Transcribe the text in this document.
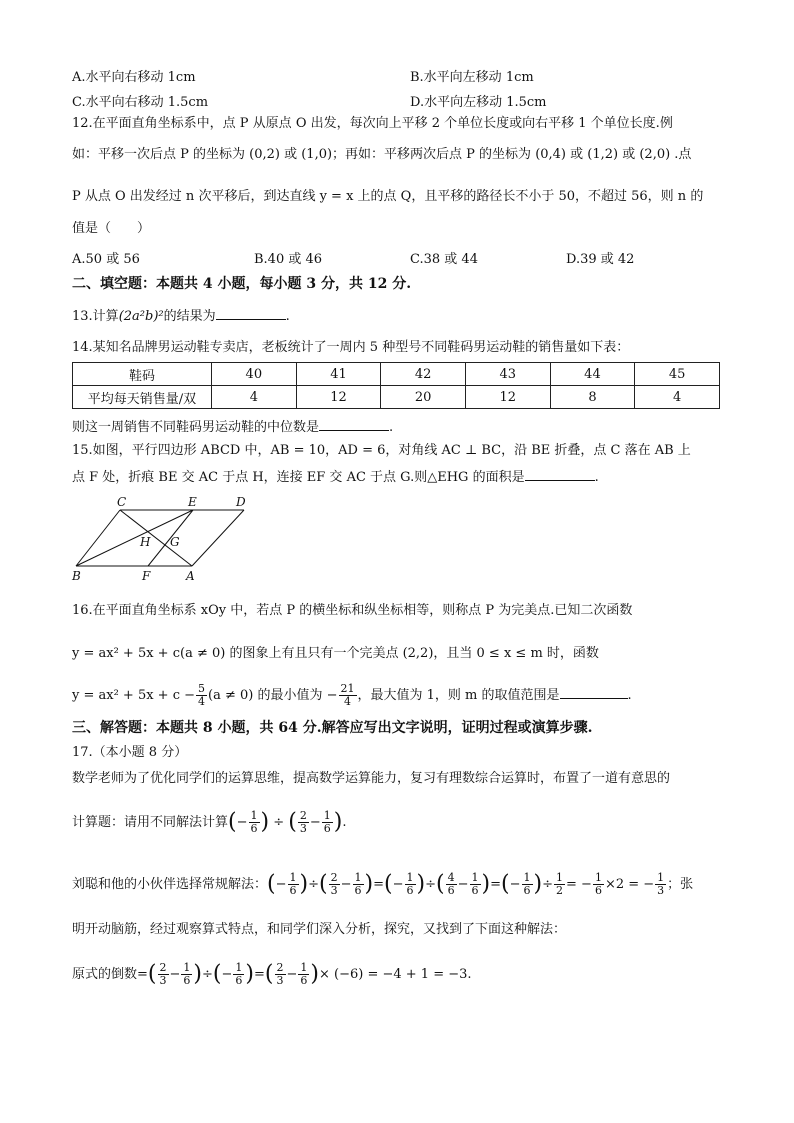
A.水平向右移动 1cm	B.水平向左移动 1cm
C.水平向右移动 1.5cm	D.水平向左移动 1.5cm
12.在平面直角坐标系中，点 P 从原点 O 出发，每次向上平移 2 个单位长度或向右平移 1 个单位长度.例
如：平移一次后点 P 的坐标为 (0,2) 或 (1,0)；再如：平移两次后点 P 的坐标为 (0,4) 或 (1,2) 或 (2,0) .点
P 从点 O 出发经过 n 次平移后，到达直线 y = x 上的点 Q，且平移的路径长不小于 50，不超过 56，则 n 的
值是（　　）
A.50 或 56	B.40 或 46	C.38 或 44	D.39 或 42
二、填空题：本题共 4 小题，每小题 3 分，共 12 分.
13.计算(2a²b)²的结果为	.
14.某知名品牌男运动鞋专卖店，老板统计了一周内 5 种型号不同鞋码男运动鞋的销售量如下表：
鞋码	40	41	42	43	44	45
平均每天销售量/双	4	12	20	12	8	4
则这一周销售不同鞋码男运动鞋的中位数是	.
15.如图，平行四边形 ABCD 中，AB = 10，AD = 6，对角线 AC ⊥ BC，沿 BE 折叠，点 C 落在 AB 上
点 F 处，折痕 BE 交 AC 于点 H，连接 EF 交 AC 于点 G.则△EHG 的面积是	.
C	E	D
H G
B	F	A
16.在平面直角坐标系 xOy 中，若点 P 的横坐标和纵坐标相等，则称点 P 为完美点.已知二次函数
y = ax² + 5x + c(a ≠ 0) 的图象上有且只有一个完美点 (2,2)，且当 0 ≤ x ≤ m 时，函数
$y = ax^2 + 5x + c - \frac{5}{4} (a \ne 0)$ 的最小值为 − $\frac{21}{4}$ ，最大值为 1，则 m 的取值范围是	.
三、解答题：本题共 8 小题，共 64 分.解答应写出文字说明，证明过程或演算步骤.
17.（本小题 8 分）
数学老师为了优化同学们的运算思维，提高数学运算能力，复习有理数综合运算时，布置了一道有意思的
计算题：请用不同解法计算(− $\frac{1}{6}$ ) ÷ ( $\frac{2}{3} - \frac{1}{6}$ ).
刘聪和他的小伙伴选择常规解法：(− $\frac{1}{6}$ )÷( $\frac{2}{3} - \frac{1}{6}$ )=(− $\frac{1}{6}$ )÷( $\frac{4}{6} - \frac{1}{6}$ )=(− $\frac{1}{6}$ )÷ $\frac{1}{2}$ = − $\frac{1}{6} \times 2$ = − $\frac{1}{3}$ ；张
明开动脑筋，经过观察算式特点，和同学们深入分析，探究，又找到了下面这种解法：
原式的倒数=( $\frac{2}{3} - \frac{1}{6}$ )÷(− $\frac{1}{6}$ )=( $\frac{2}{3} - \frac{1}{6}$ )× (−6) = −4 + 1 = −3.
